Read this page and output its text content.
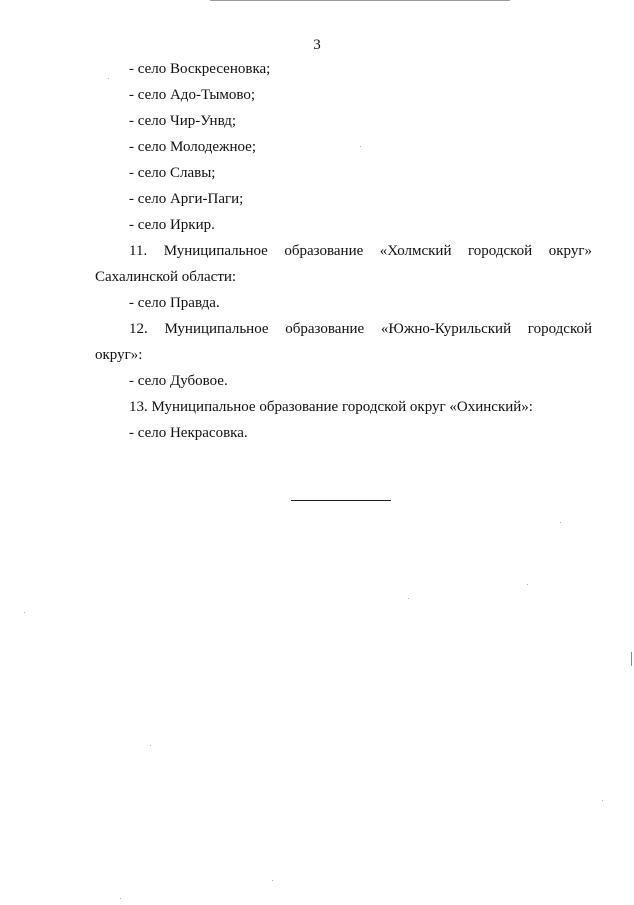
3
- село Воскресеновка;
- село Адо-Тымово;
- село Чир-Унвд;
- село Молодежное;
- село Славы;
- село Арги-Паги;
- село Иркир.
11. Муниципальное образование «Холмский городской округ»
Сахалинской области:
- село Правда.
12. Муниципальное образование «Южно-Курильский городской
округ»:
- село Дубовое.
13. Муниципальное образование городской округ «Охинский»:
- село Некрасовка.
